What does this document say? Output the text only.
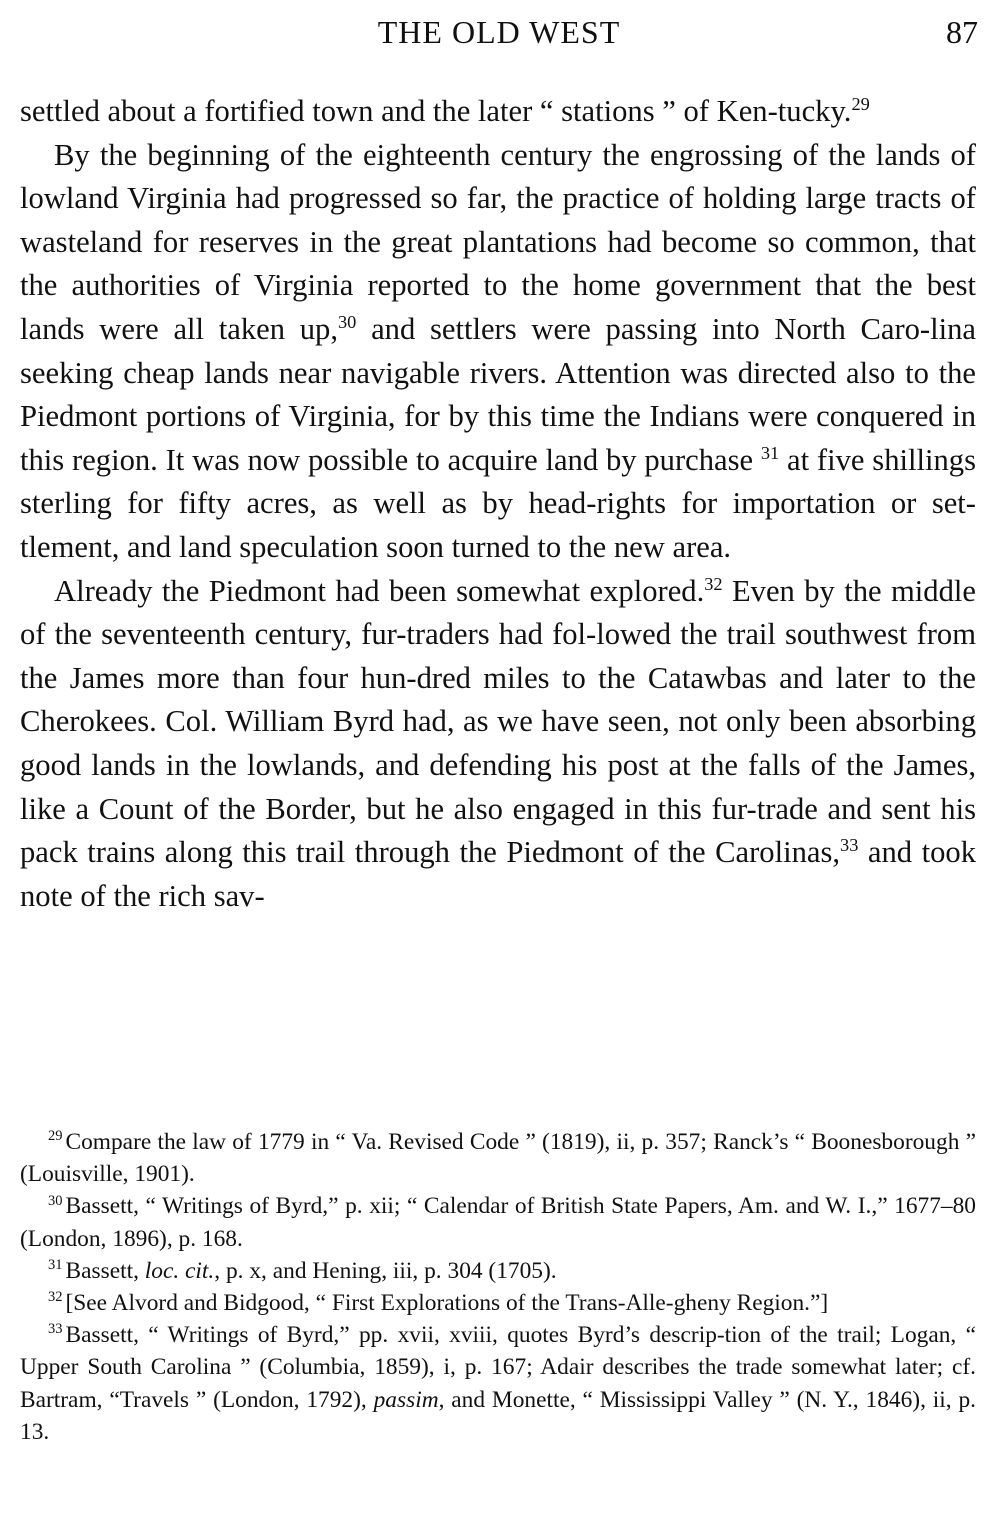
THE OLD WEST	87

settled about a fortified town and the later “ stations ” of Ken-tucky.$^{29}$

By the beginning of the eighteenth century the engrossing of the lands of lowland Virginia had progressed so far, the practice of holding large tracts of wasteland for reserves in the great plantations had become so common, that the authorities of Virginia reported to the home government that the best lands were all taken up,$^{30}$ and settlers were passing into North Caro-lina seeking cheap lands near navigable rivers. Attention was directed also to the Piedmont portions of Virginia, for by this time the Indians were conquered in this region. It was now possible to acquire land by purchase $^{31}$ at five shillings sterling for fifty acres, as well as by head-rights for importation or set-tlement, and land speculation soon turned to the new area.

Already the Piedmont had been somewhat explored.$^{32}$ Even by the middle of the seventeenth century, fur-traders had fol-lowed the trail southwest from the James more than four hun-dred miles to the Catawbas and later to the Cherokees. Col. William Byrd had, as we have seen, not only been absorbing good lands in the lowlands, and defending his post at the falls of the James, like a Count of the Border, but he also engaged in this fur-trade and sent his pack trains along this trail through the Piedmont of the Carolinas,$^{33}$ and took note of the rich sav-

$^{29}$ Compare the law of 1779 in “ Va. Revised Code ” (1819), ii, p. 357; Ranck’s “ Boonesborough ” (Louisville, 1901).

$^{30}$ Bassett, “ Writings of Byrd,” p. xii; “ Calendar of British State Papers, Am. and W. I.,” 1677–80 (London, 1896), p. 168.

$^{31}$ Bassett, loc. cit., p. x, and Hening, iii, p. 304 (1705).

$^{32}$ [See Alvord and Bidgood, “ First Explorations of the Trans-Alle-gheny Region.”]

$^{33}$ Bassett, “ Writings of Byrd,” pp. xvii, xviii, quotes Byrd’s descrip-tion of the trail; Logan, “ Upper South Carolina ” (Columbia, 1859), i, p. 167; Adair describes the trade somewhat later; cf. Bartram, “Travels ” (London, 1792), passim, and Monette, “ Mississippi Valley ” (N. Y., 1846), ii, p. 13.
